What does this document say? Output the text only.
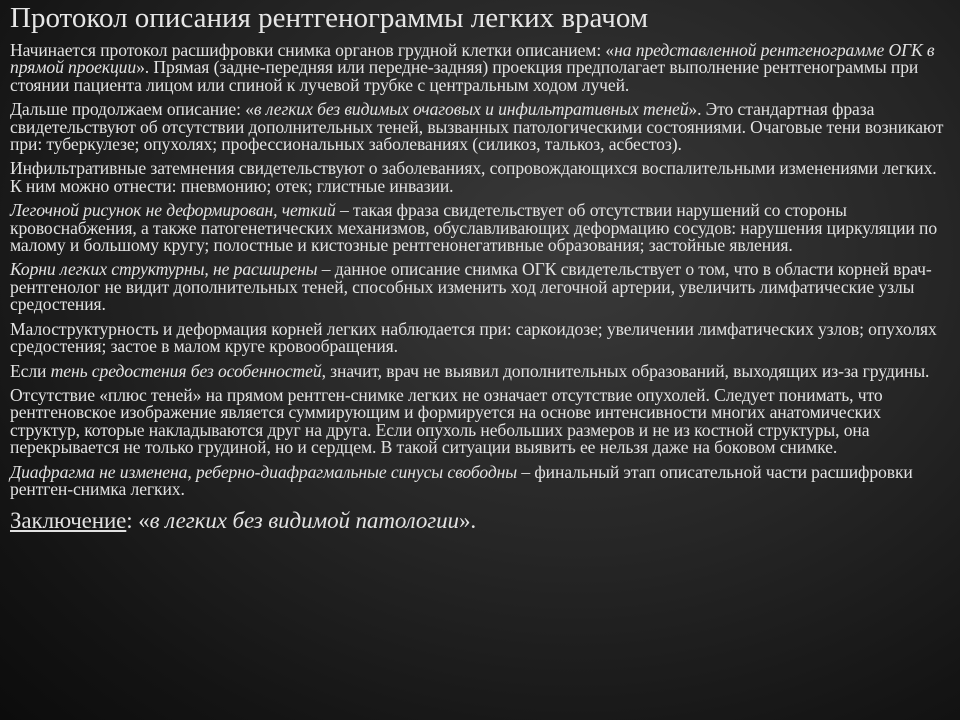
Протокол описания рентгенограммы легких врачом

Начинается протокол расшифровки снимка органов грудной клетки описанием: «на представленной рентгенограмме ОГК в прямой проекции». Прямая (задне-передняя или передне-задняя) проекция предполагает выполнение рентгенограммы при стоянии пациента лицом или спиной к лучевой трубке с центральным ходом лучей.

Дальше продолжаем описание: «в легких без видимых очаговых и инфильтративных теней». Это стандартная фраза свидетельствуют об отсутствии дополнительных теней, вызванных патологическими состояниями. Очаговые тени возникают при: туберкулезе; опухолях; профессиональных заболеваниях (силикоз, талькоз, асбестоз).

Инфильтративные затемнения свидетельствуют о заболеваниях, сопровождающихся воспалительными изменениями легких. К ним можно отнести: пневмонию; отек; глистные инвазии.

Легочной рисунок не деформирован, четкий – такая фраза свидетельствует об отсутствии нарушений со стороны кровоснабжения, а также патогенетических механизмов, обуславливающих деформацию сосудов: нарушения циркуляции по малому и большому кругу; полостные и кистозные рентгенонегативные образования; застойные явления.

Корни легких структурны, не расширены – данное описание снимка ОГК свидетельствует о том, что в области корней врач-рентгенолог не видит дополнительных теней, способных изменить ход легочной артерии, увеличить лимфатические узлы средостения.

Малоструктурность и деформация корней легких наблюдается при: саркоидозе; увеличении лимфатических узлов; опухолях средостения; застое в малом круге кровообращения.

Если тень средостения без особенностей, значит, врач не выявил дополнительных образований, выходящих из-за грудины.

Отсутствие «плюс теней» на прямом рентген-снимке легких не означает отсутствие опухолей. Следует понимать, что рентгеновское изображение является суммирующим и формируется на основе интенсивности многих анатомических структур, которые накладываются друг на друга. Если опухоль небольших размеров и не из костной структуры, она перекрывается не только грудиной, но и сердцем. В такой ситуации выявить ее нельзя даже на боковом снимке.

Диафрагма не изменена, реберно-диафрагмальные синусы свободны – финальный этап описательной части расшифровки рентген-снимка легких.

Заключение: «в легких без видимой патологии».
